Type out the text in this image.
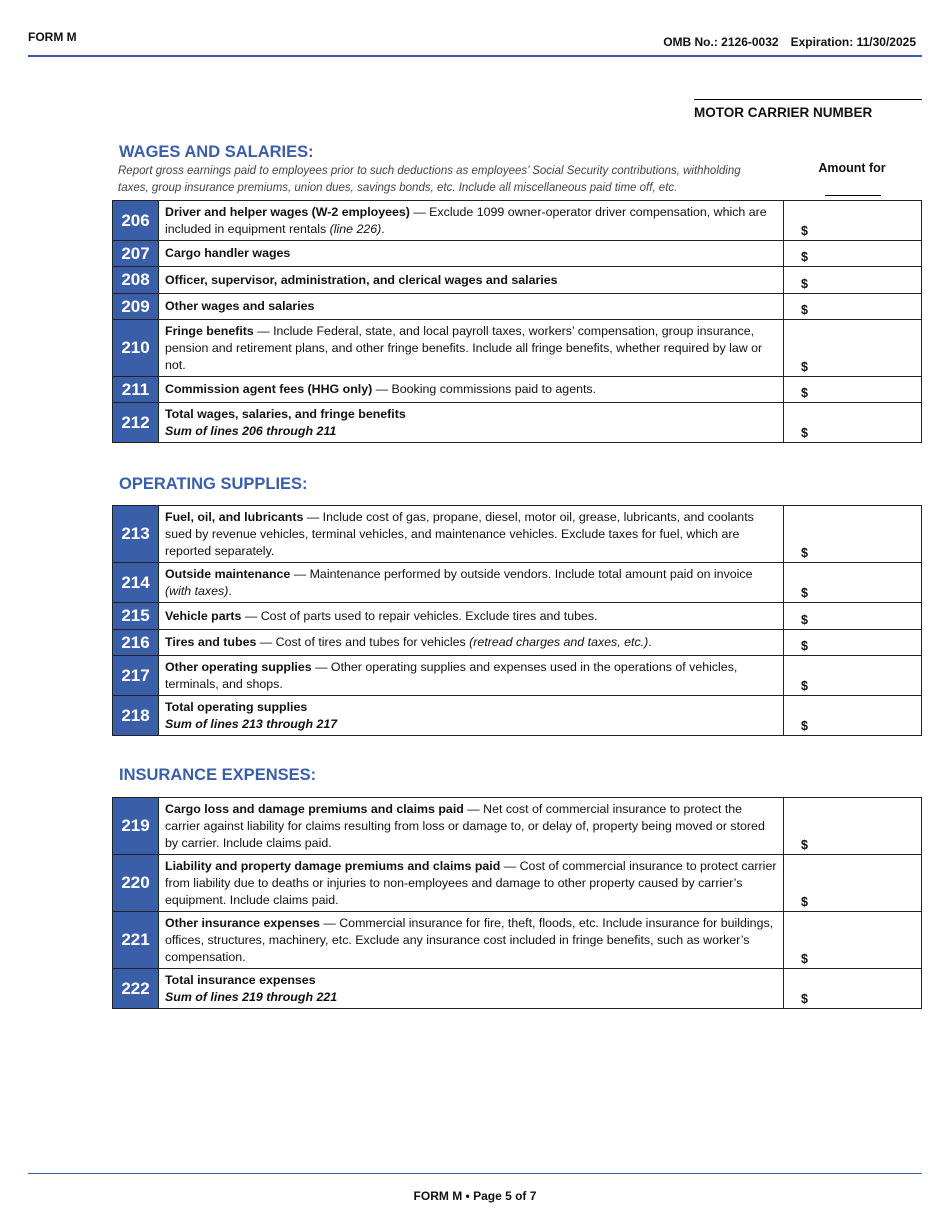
FORM M	OMB No.: 2126-0032 Expiration: 11/30/2025
MOTOR CARRIER NUMBER
WAGES AND SALARIES:
Report gross earnings paid to employees prior to such deductions as employees’ Social Security contributions, withholding taxes, group insurance premiums, union dues, savings bonds, etc. Include all miscellaneous paid time off, etc.
Amount for
206	Driver and helper wages (W-2 employees) — Exclude 1099 owner-operator driver compensation, which are included in equipment rentals (line 226).	$
207	Cargo handler wages	$
208	Officer, supervisor, administration, and clerical wages and salaries	$
209	Other wages and salaries	$
210	Fringe benefits — Include Federal, state, and local payroll taxes, workers’ compensation, group insurance, pension and retirement plans, and other fringe benefits. Include all fringe benefits, whether required by law or not.	$
211	Commission agent fees (HHG only) — Booking commissions paid to agents.	$
212	Total wages, salaries, and fringe benefits
Sum of lines 206 through 211	$
OPERATING SUPPLIES:
213	Fuel, oil, and lubricants — Include cost of gas, propane, diesel, motor oil, grease, lubricants, and coolants sued by revenue vehicles, terminal vehicles, and maintenance vehicles. Exclude taxes for fuel, which are reported separately.	$
214	Outside maintenance — Maintenance performed by outside vendors. Include total amount paid on invoice (with taxes).	$
215	Vehicle parts — Cost of parts used to repair vehicles. Exclude tires and tubes.	$
216	Tires and tubes — Cost of tires and tubes for vehicles (retread charges and taxes, etc.).	$
217	Other operating supplies — Other operating supplies and expenses used in the operations of vehicles, terminals, and shops.	$
218	Total operating supplies
Sum of lines 213 through 217	$
INSURANCE EXPENSES:
219	Cargo loss and damage premiums and claims paid — Net cost of commercial insurance to protect the carrier against liability for claims resulting from loss or damage to, or delay of, property being moved or stored by carrier. Include claims paid.	$
220	Liability and property damage premiums and claims paid — Cost of commercial insurance to protect carrier from liability due to deaths or injuries to non-employees and damage to other property caused by carrier’s equipment. Include claims paid.	$
221	Other insurance expenses — Commercial insurance for fire, theft, floods, etc. Include insurance for buildings, offices, structures, machinery, etc. Exclude any insurance cost included in fringe benefits, such as worker’s compensation.	$
222	Total insurance expenses
Sum of lines 219 through 221	$
FORM M • Page 5 of 7
